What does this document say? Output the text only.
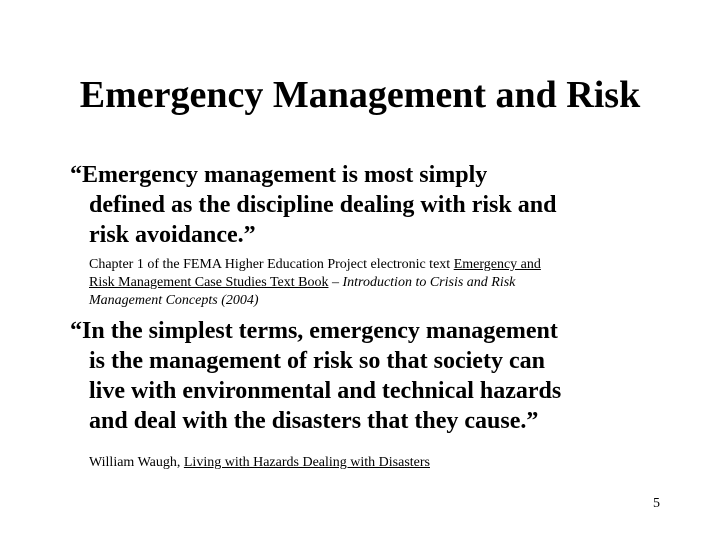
Emergency Management and Risk
“Emergency management is most simply
defined as the discipline dealing with risk and
risk avoidance.”
Chapter 1 of the FEMA Higher Education Project electronic text Emergency and
Risk Management Case Studies Text Book – Introduction to Crisis and Risk
Management Concepts (2004)
“In the simplest terms, emergency management
is the management of risk so that society can
live with environmental and technical hazards
and deal with the disasters that they cause.”
William Waugh, Living with Hazards Dealing with Disasters
5
